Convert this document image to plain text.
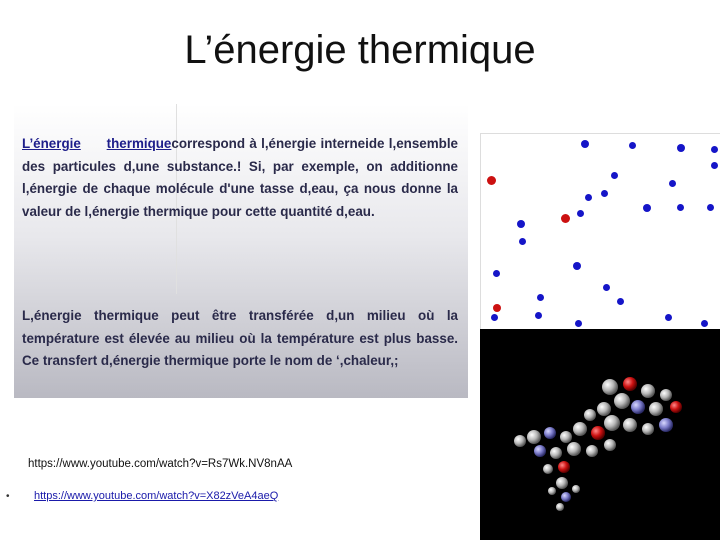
L’énergie thermique
L’énergie thermiquecorrespond à l,énergie interneide l,ensemble des particules d,une substance.! Si, par exemple, on additionne l,énergie de chaque molécule d'une tasse d,eau, ça nous donne la valeur de l,énergie thermique pour cette quantité d,eau.
L,énergie thermique peut être transférée d,un milieu où la température est élevée au milieu où la température est plus basse. Ce transfert d,énergie thermique porte le nom de ‘,chaleur,;
https://www.youtube.com/watch?v=Rs7Wk.NV8nAA
• https://www.youtube.com/watch?v=X82zVeA4aeQ
